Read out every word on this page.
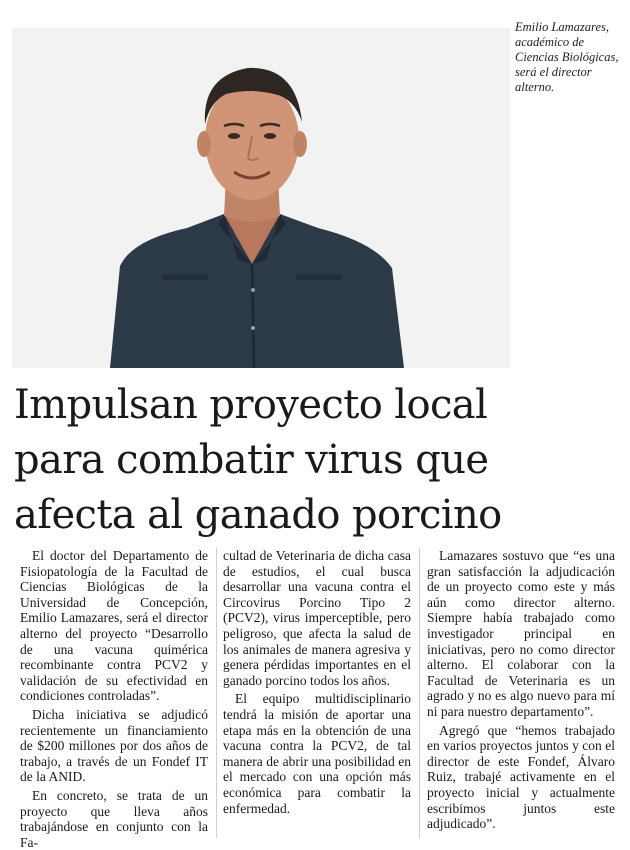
Emilio Lamazares, académico de Ciencias Biológicas, será el director alterno.

Impulsan proyecto local
para combatir virus que
afecta al ganado porcino

El doctor del Departamento de Fisiopatología de la Facultad de Ciencias Biológicas de la Universidad de Concepción, Emilio Lamazares, será el director alterno del proyecto “Desarrollo de una vacuna quimérica recombinante contra PCV2 y validación de su efectividad en condiciones controladas”.

Dicha iniciativa se adjudicó recientemente un financiamiento de $200 millones por dos años de trabajo, a través de un Fondef IT de la ANID.

En concreto, se trata de un proyecto que lleva años trabajándose en conjunto con la Fa-

cultad de Veterinaria de dicha casa de estudios, el cual busca desarrollar una vacuna contra el Circovirus Porcino Tipo 2 (PCV2), virus imperceptible, pero peligroso, que afecta la salud de los animales de manera agresiva y genera pérdidas importantes en el ganado porcino todos los años.

El equipo multidisciplinario tendrá la misión de aportar una etapa más en la obtención de una vacuna contra la PCV2, de tal manera de abrir una posibilidad en el mercado con una opción más económica para combatir la enfermedad.

Lamazares sostuvo que “es una gran satisfacción la adjudicación de un proyecto como este y más aún como director alterno. Siempre había trabajado como investigador principal en iniciativas, pero no como director alterno. El colaborar con la Facultad de Veterinaria es un agrado y no es algo nuevo para mí ni para nuestro departamento”.

Agregó que “hemos trabajado en varios proyectos juntos y con el director de este Fondef, Álvaro Ruiz, trabajé activamente en el proyecto inicial y actualmente escribimos juntos este adjudicado”.
